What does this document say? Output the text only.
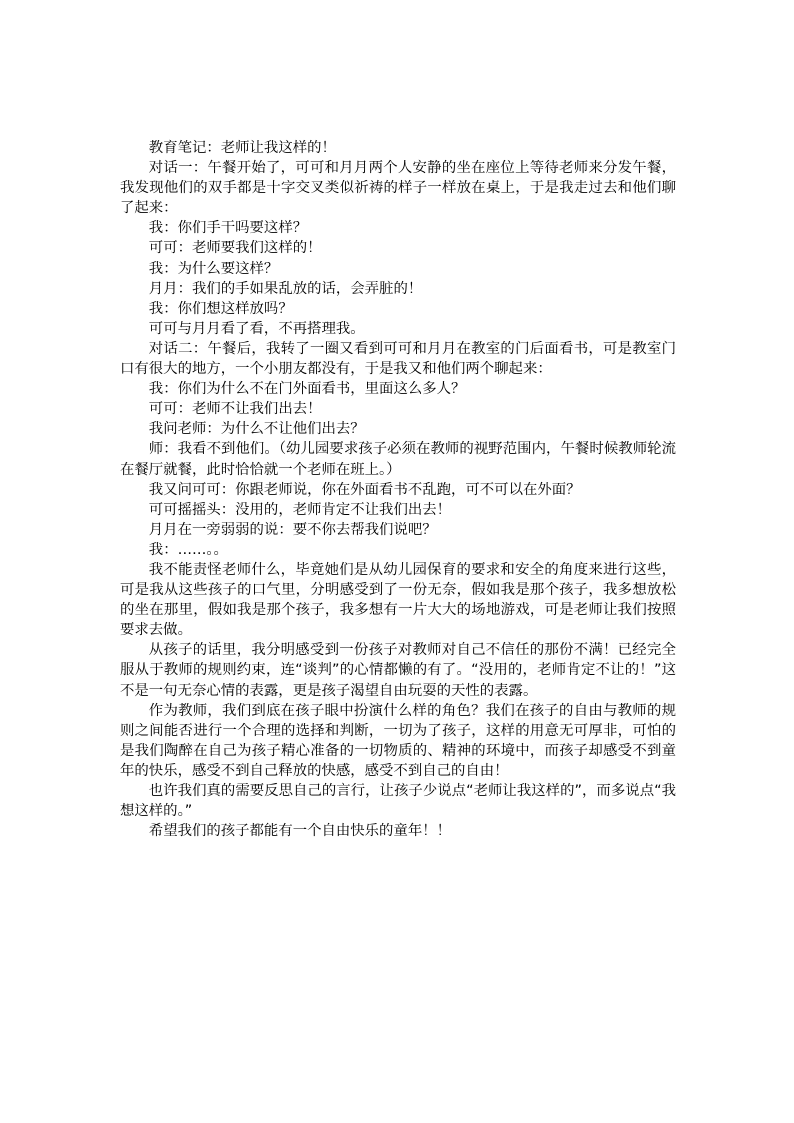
教育笔记：老师让我这样的！

对话一：午餐开始了，可可和月月两个人安静的坐在座位上等待老师来分发午餐，我发现他们的双手都是十字交叉类似祈祷的样子一样放在桌上，于是我走过去和他们聊了起来：

我：你们手干吗要这样？

可可：老师要我们这样的！

我：为什么要这样？

月月：我们的手如果乱放的话，会弄脏的！

我：你们想这样放吗？

可可与月月看了看，不再搭理我。

对话二：午餐后，我转了一圈又看到可可和月月在教室的门后面看书，可是教室门口有很大的地方，一个小朋友都没有，于是我又和他们两个聊起来：

我：你们为什么不在门外面看书，里面这么多人？

可可：老师不让我们出去！

我问老师：为什么不让他们出去？

师：我看不到他们。（幼儿园要求孩子必须在教师的视野范围内，午餐时候教师轮流在餐厅就餐，此时恰恰就一个老师在班上。）

我又问可可：你跟老师说，你在外面看书不乱跑，可不可以在外面？

可可摇摇头：没用的，老师肯定不让我们出去！

月月在一旁弱弱的说：要不你去帮我们说吧？

我：……。。

我不能责怪老师什么，毕竟她们是从幼儿园保育的要求和安全的角度来进行这些，可是我从这些孩子的口气里，分明感受到了一份无奈，假如我是那个孩子，我多想放松的坐在那里，假如我是那个孩子，我多想有一片大大的场地游戏，可是老师让我们按照要求去做。

从孩子的话里，我分明感受到一份孩子对教师对自己不信任的那份不满！已经完全服从于教师的规则约束，连“谈判”的心情都懒的有了。“没用的，老师肯定不让的！”这不是一句无奈心情的表露，更是孩子渴望自由玩耍的天性的表露。

作为教师，我们到底在孩子眼中扮演什么样的角色？我们在孩子的自由与教师的规则之间能否进行一个合理的选择和判断，一切为了孩子，这样的用意无可厚非，可怕的是我们陶醉在自己为孩子精心准备的一切物质的、精神的环境中，而孩子却感受不到童年的快乐，感受不到自己释放的快感，感受不到自己的自由！

也许我们真的需要反思自己的言行，让孩子少说点“老师让我这样的”，而多说点“我想这样的。”

希望我们的孩子都能有一个自由快乐的童年！！
